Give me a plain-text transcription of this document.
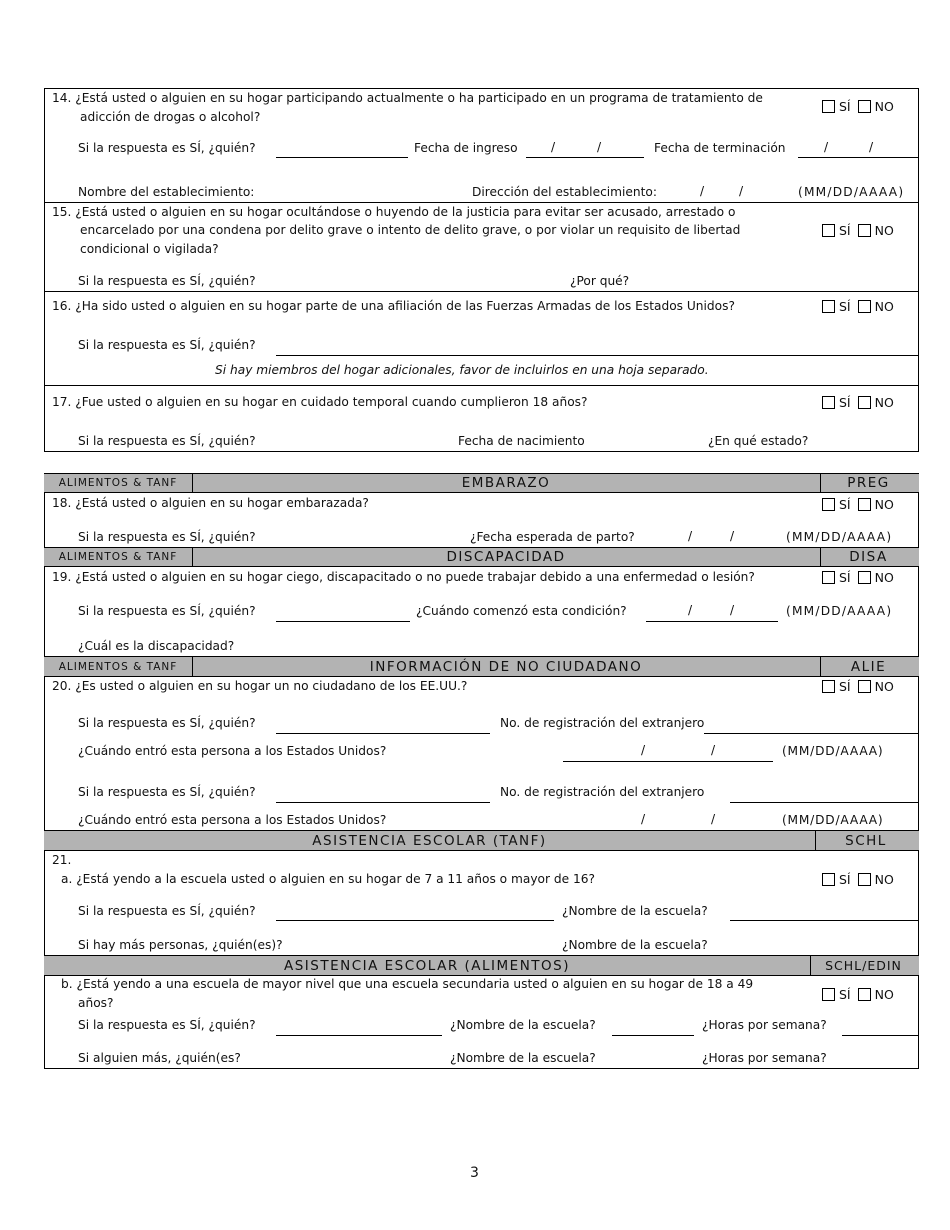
14. ¿Está usted o alguien en su hogar participando actualmente o ha participado en un programa de tratamiento de
adicción de drogas o alcohol?
SÍ NO
Si la respuesta es SÍ, ¿quién?	Fecha de ingreso	/	/	Fecha de terminación	/	/
Nombre del establecimiento:	Dirección del establecimiento:	/	/	(MM/DD/AAAA)
15. ¿Está usted o alguien en su hogar ocultándose o huyendo de la justicia para evitar ser acusado, arrestado o
encarcelado por una condena por delito grave o intento de delito grave, o por violar un requisito de libertad
condicional o vigilada?
SÍ NO
Si la respuesta es SÍ, ¿quién?	¿Por qué?
16. ¿Ha sido usted o alguien en su hogar parte de una afiliación de las Fuerzas Armadas de los Estados Unidos?	SÍ NO
Si la respuesta es SÍ, ¿quién?
Si hay miembros del hogar adicionales, favor de incluirlos en una hoja separado.
17. ¿Fue usted o alguien en su hogar en cuidado temporal cuando cumplieron 18 años?	SÍ NO
Si la respuesta es SÍ, ¿quién?	Fecha de nacimiento	¿En qué estado?
ALIMENTOS & TANF	EMBARAZO	PREG
18. ¿Está usted o alguien en su hogar embarazada?	SÍ NO
Si la respuesta es SÍ, ¿quién?	¿Fecha esperada de parto?	/	/	(MM/DD/AAAA)
ALIMENTOS & TANF	DISCAPACIDAD	DISA
19. ¿Está usted o alguien en su hogar ciego, discapacitado o no puede trabajar debido a una enfermedad o lesión?	SÍ NO
Si la respuesta es SÍ, ¿quién?	¿Cuándo comenzó esta condición?	/	/	(MM/DD/AAAA)
¿Cuál es la discapacidad?
ALIMENTOS & TANF	INFORMACIÓN DE NO CIUDADANO	ALIE
20. ¿Es usted o alguien en su hogar un no ciudadano de los EE.UU.?	SÍ NO
Si la respuesta es SÍ, ¿quién?	No. de registración del extranjero
¿Cuándo entró esta persona a los Estados Unidos?	/	/	(MM/DD/AAAA)
Si la respuesta es SÍ, ¿quién?	No. de registración del extranjero
¿Cuándo entró esta persona a los Estados Unidos?	/	/	(MM/DD/AAAA)
ASISTENCIA ESCOLAR (TANF)	SCHL
21.
a. ¿Está yendo a la escuela usted o alguien en su hogar de 7 a 11 años o mayor de 16?	SÍ NO
Si la respuesta es SÍ, ¿quién?	¿Nombre de la escuela?
Si hay más personas, ¿quién(es)?	¿Nombre de la escuela?
ASISTENCIA ESCOLAR (ALIMENTOS)	SCHL/EDIN
b. ¿Está yendo a una escuela de mayor nivel que una escuela secundaria usted o alguien en su hogar de 18 a 49
años?
SÍ NO
Si la respuesta es SÍ, ¿quién?	¿Nombre de la escuela?	¿Horas por semana?
Si alguien más, ¿quién(es?	¿Nombre de la escuela?	¿Horas por semana?
3
